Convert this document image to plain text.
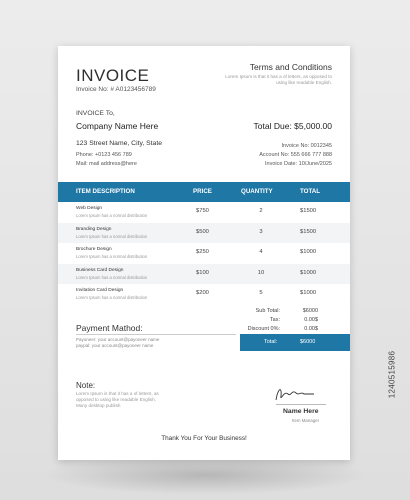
INVOICE
Invoice No: # A0123456789
Terms and Conditions
Lorem Ipsum is that it has a of letters, as opposed to using like readable English.
INVOICE To,
Company Name Here	Total Due: $5,000.00
123 Street Name, City, State
Phone: +0123 456 789
Mail: mail address@here
Invoice No: 0012345
Account No: 555 666 777 888
Invoice Date: 10/June/2025
ITEM DESCRIPTION	PRICE	QUANTITY	TOTAL
Web Design
Lorem Ipsum has a normal distribution
$750	2	$1500
Branding Design
Lorem Ipsum has a normal distribution
$500	3	$1500
Brochure Design
Lorem Ipsum has a normal distribution
$250	4	$1000
Business Card Design
Lorem Ipsum has a normal distribution
$100	10	$1000
Invitation Card Design
Lorem Ipsum has a normal distribution
$200	5	$1000
Sub Total:	$6000
Tax:	0.00$
Discount 0%:	0.00$
Total:	$6000
Payment Mathod:
Payoneer: your account@payoneer name
paypal: your account@payoneer name
Note:
Lorem Ipsum is that it has a of letters, as opposed to using like readable English. Many desktop publish
Name Here
Item Manager
Thank You For Your Business!
1240515986
